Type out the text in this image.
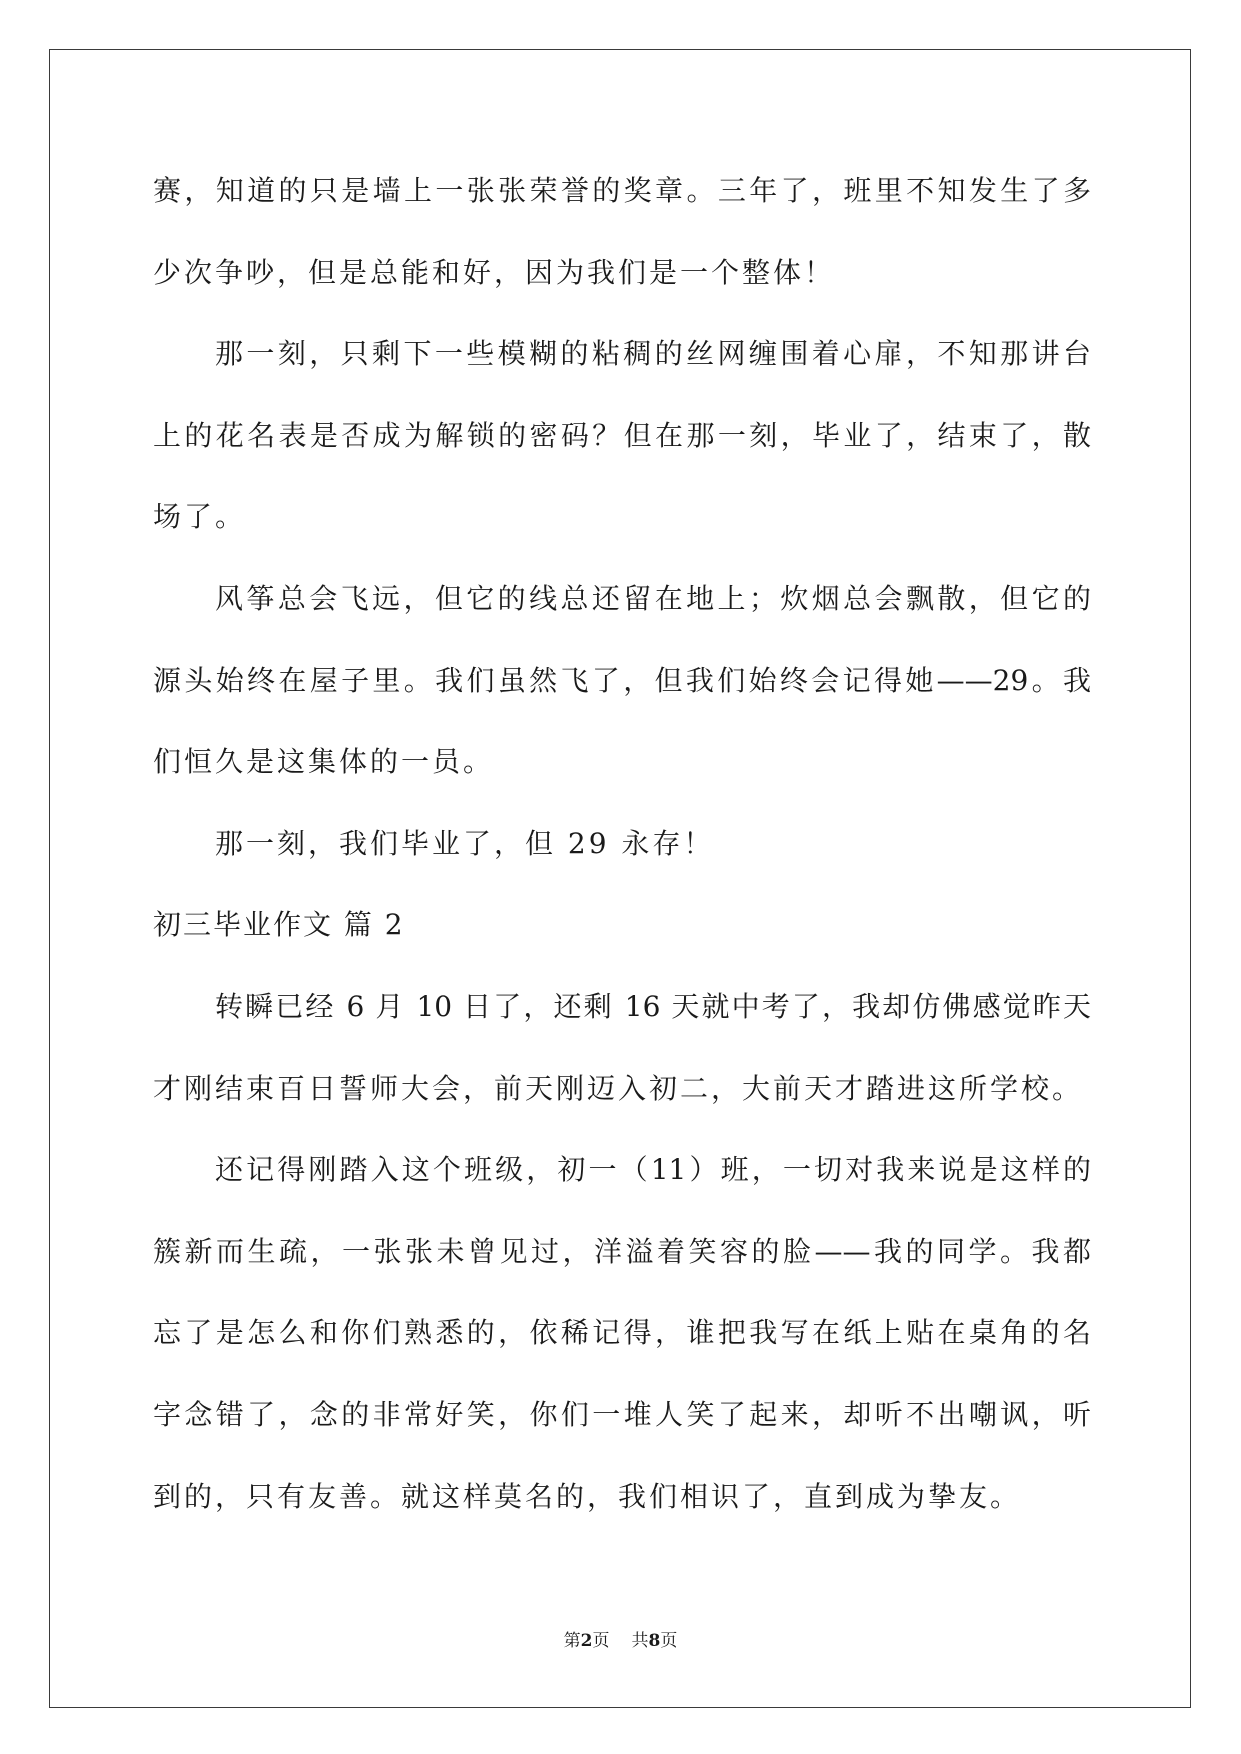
赛，知道的只是墙上一张张荣誉的奖章。三年了，班里不知发生了多
少次争吵，但是总能和好，因为我们是一个整体！
那一刻，只剩下一些模糊的粘稠的丝网缠围着心扉，不知那讲台
上的花名表是否成为解锁的密码？但在那一刻，毕业了，结束了，散
场了。
风筝总会飞远，但它的线总还留在地上；炊烟总会飘散，但它的
源头始终在屋子里。我们虽然飞了，但我们始终会记得她——29。我
们恒久是这集体的一员。
那一刻，我们毕业了，但 29 永存！
初三毕业作文 篇 2
转瞬已经 6 月 10 日了，还剩 16 天就中考了，我却仿佛感觉昨天
才刚结束百日誓师大会，前天刚迈入初二，大前天才踏进这所学校。
还记得刚踏入这个班级，初一（11）班，一切对我来说是这样的
簇新而生疏，一张张未曾见过，洋溢着笑容的脸——我的同学。我都
忘了是怎么和你们熟悉的，依稀记得，谁把我写在纸上贴在桌角的名
字念错了，念的非常好笑，你们一堆人笑了起来，却听不出嘲讽，听
到的，只有友善。就这样莫名的，我们相识了，直到成为挚友。
第2页 共8页
